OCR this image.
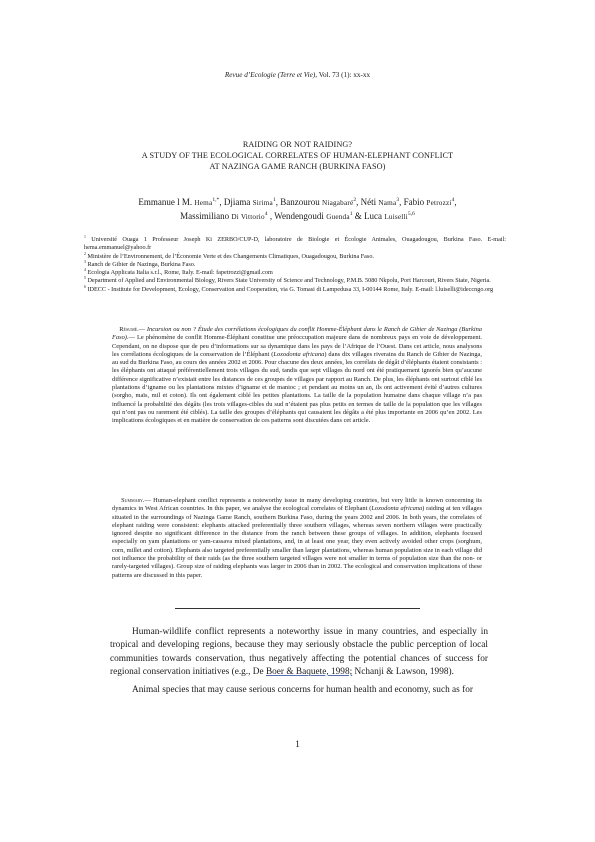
Revue d’Ecologie (Terre et Vie), Vol. 73 (1): xx-xx
RAIDING OR NOT RAIDING?
A STUDY OF THE ECOLOGICAL CORRELATES OF HUMAN-ELEPHANT CONFLICT
AT NAZINGA GAME RANCH (BURKINA FASO)
Emmanue l M. Hema$^{1,*}$, Djiama Sirima$^1$, Banzourou Niagabaré$^2$, Néti Nama$^3$, Fabio Petrozzi$^4$,
Massimiliano Di Vittorio$^4$ , Wendengoudi Guenda$^1$ & Luca Luiselli$^{5,6}$
$^1$ Université Ouaga 1 Professeur Joseph Ki ZERBO/CUP-D, laboratoire de Biologie et Écologie Animales, Ouagadougou, Burkina Faso. E-mail: hema.emmanuel@yahoo.fr
$^2$ Ministère de l’Environnement, de l’Économie Verte et des Changements Climatiques, Ouagadougou, Burkina Faso.
$^3$ Ranch de Gibier de Nazinga, Burkina Faso.
$^4$ Ecologia Applicata Italia s.r.l., Rome, Italy. E-mail: fapetrozzi@gmail.com
$^5$ Department of Applied and Environmental Biology, Rivers State University of Science and Technology, P.M.B. 5080 Nkpolu, Port Harcourt, Rivers State, Nigeria.
$^6$ IDECC - Institute for Development, Ecology, Conservation and Cooperation, via G. Tomasi di Lampedusa 33, I-00144 Rome, Italy. E-mail: l.luiselli@ideccngo.org
Résumé.— Incursion ou non ? Étude des corrélations écologiques du conflit Homme-Éléphant dans le Ranch de Gibier de Nazinga (Burkina Faso).— Le phénomène de conflit Homme-Éléphant constitue une préoccupation majeure dans de nombreux pays en voie de développement. Cependant, on ne dispose que de peu d’informations sur sa dynamique dans les pays de l’Afrique de l’Ouest. Dans cet article, nous analysons les corrélations écologiques de la conservation de l’Éléphant (Loxodonta africana) dans dix villages riverains du Ranch de Gibier de Nazinga, au sud du Burkina Faso, au cours des années 2002 et 2006. Pour chacune des deux années, les corrélats de dégât d’éléphants étaient consistants : les éléphants ont attaqué préférentiellement trois villages du sud, tandis que sept villages du nord ont été pratiquement ignorés bien qu’aucune différence significative n’existait entre les distances de ces groupes de villages par rapport au Ranch. De plus, les éléphants ont surtout ciblé les plantations d’igname ou les plantations mixtes d’igname et de manioc ; et pendant au moins un an, ils ont activement évité d’autres cultures (sorgho, maïs, mil et coton). Ils ont également ciblé les petites plantations. La taille de la population humaine dans chaque village n’a pas influencé la probabilité des dégâts (les trois villages-cibles du sud n’étaient pas plus petits en termes de taille de la population que les villages qui n’ont pas ou rarement été ciblés). La taille des groupes d’éléphants qui causaient les dégâts a été plus importante en 2006 qu’en 2002. Les implications écologiques et en matière de conservation de ces patterns sont discutées dans cet article.
Summary.— Human-elephant conflict represents a noteworthy issue in many developing countries, but very little is known concerning its dynamics in West African countries. In this paper, we analyse the ecological correlates of Elephant (Loxodonta africana) raiding at ten villages situated in the surroundings of Nazinga Game Ranch, southern Burkina Faso, during the years 2002 and 2006. In both years, the correlates of elephant raiding were consistent: elephants attacked preferentially three southern villages, whereas seven northern villages were practically ignored despite no significant difference in the distance from the ranch between these groups of villages. In addition, elephants focused especially on yam plantations or yam-cassava mixed plantations, and, in at least one year, they even actively avoided other crops (sorghum, corn, millet and cotton). Elephants also targeted preferentially smaller than larger plantations, whereas human population size in each village did not influence the probability of their raids (as the three southern targeted villages were not smaller in terms of population size than the non- or rarely-targeted villages). Group size of raiding elephants was larger in 2006 than in 2002. The ecological and conservation implications of these patterns are discussed in this paper.
Human-wildlife conflict represents a noteworthy issue in many countries, and especially in tropical and developing regions, because they may seriously obstacle the public perception of local communities towards conservation, thus negatively affecting the potential chances of success for regional conservation initiatives (e.g., De Boer & Baquete, 1998; Nchanji & Lawson, 1998).
Animal species that may cause serious concerns for human health and economy, such as for
1
